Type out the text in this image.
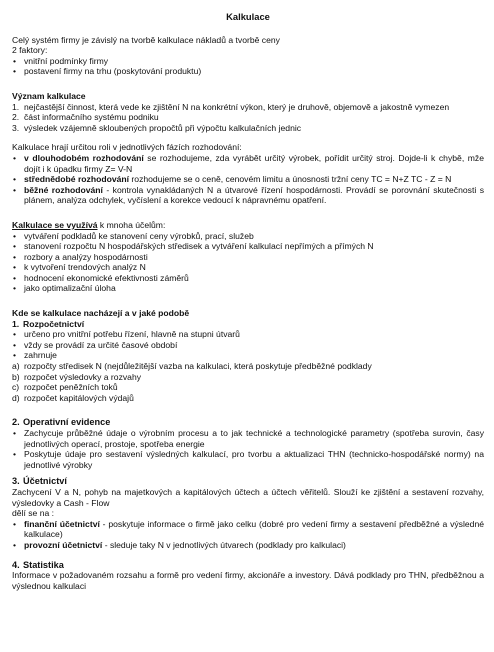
Kalkulace

Celý systém firmy je závislý na tvorbě kalkulace nákladů a tvorbě ceny

2 faktory:

• vnitřní podmínky firmy
• postavení firmy na trhu (poskytování produktu)

Význam kalkulace

1. nejčastější činnost, která vede ke zjištění N na konkrétní výkon, který je druhově, objemově a jakostně vymezen
2. část informačního systému podniku
3. výsledek vzájemně skloubených propočtů při výpočtu kalkulačních jednic

Kalkulace hrají určitou roli v jednotlivých fázích rozhodování:

• v dlouhodobém rozhodování se rozhodujeme, zda vyrábět určitý výrobek, pořídit určitý stroj. Dojde-li k chybě, mže dojít i k úpadku firmy Z= V-N
• střednědobé rozhodování rozhodujeme se o ceně, cenovém limitu a únosnosti tržní ceny TC = N+Z TC - Z = N
• běžné rozhodování - kontrola vynakládaných N a útvarové řízení hospodárnosti. Provádí se porovnání skutečnosti s plánem, analýza odchylek, vyčíslení a korekce vedoucí k nápravnému opatření.

Kalkulace se využívá k mnoha účelům:

• vytváření podkladů ke stanovení ceny výrobků, prací, služeb
• stanovení rozpočtu N hospodářských středisek a vytváření kalkulací nepřímých a přímých N
• rozbory a analýzy hospodárnosti
• k vytvoření trendových analýz N
• hodnocení ekonomické efektivnosti záměrů
• jako optimalizační úloha

Kde se kalkulace nacházejí a v jaké podobě

1. Rozpočetnictví

• určeno pro vnitřní potřebu řízení, hlavně na stupni útvarů
• vždy se provádí za určité časové období
• zahrnuje
a) rozpočty středisek N (nejdůležitější vazba na kalkulaci, která poskytuje předběžné podklady
b) rozpočet výsledovky a rozvahy
c) rozpočet peněžních toků
d) rozpočet kapitálových výdajů

2. Operativní evidence

• Zachycuje průběžné údaje o výrobním procesu a to jak technické a technologické parametry (spotřeba surovin, časy jednotlivých operací, prostoje, spotřeba energie
• Poskytuje údaje pro sestavení výsledných kalkulací, pro tvorbu a aktualizaci THN (technicko-hospodářské normy) na jednotlivé výrobky

3. Účetnictví

Zachycení V a N, pohyb na majetkových a kapitálových účtech a účtech věřitelů. Slouží ke zjištění a sestavení rozvahy, výsledovky a Cash - Flow

dělí se na :

• finanční účetnictví - poskytuje informace o firmě jako celku (dobré pro vedení firmy a sestavení předběžné a výsledné kalkulace)
• provozní účetnictví - sleduje taky N v jednotlivých útvarech (podklady pro kalkulaci)

4. Statistika

Informace v požadovaném rozsahu a formě pro vedení firmy, akcionáře a investory. Dává podklady pro THN, předběžnou a výslednou kalkulaci
